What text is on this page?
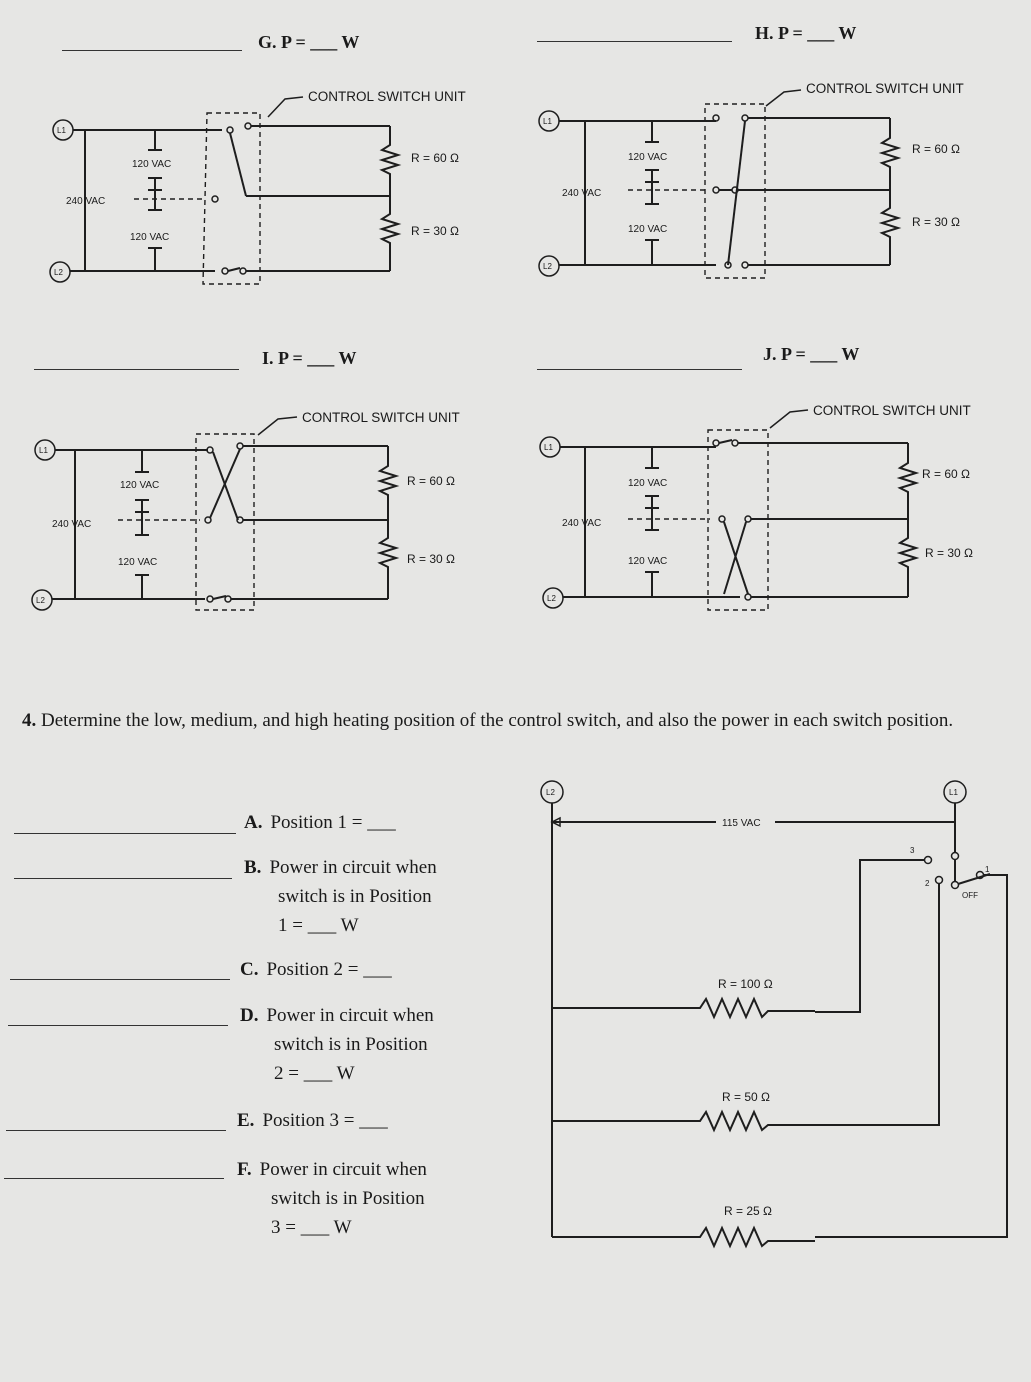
G. P = ___ W
CONTROL SWITCH UNIT
L1
L2
240 VAC
120 VAC
120 VAC
R = 60 Ω
R = 30 Ω
H. P = ___ W
CONTROL SWITCH UNIT
L1
L2
240 VAC
120 VAC
120 VAC
R = 60 Ω
R = 30 Ω
I. P = ___ W
CONTROL SWITCH UNIT
L1
L2
240 VAC
120 VAC
120 VAC
R = 60 Ω
R = 30 Ω
J. P = ___ W
CONTROL SWITCH UNIT
L1
L2
240 VAC
120 VAC
120 VAC
R = 60 Ω
R = 30 Ω
L2	L1
115 VAC
3
2
1
OFF
R = 100 Ω
R = 50 Ω
R = 25 Ω
4. Determine the low, medium, and high heating position of the control switch, and also the power in each switch position.
A. Position 1 = ___
B. Power in circuit when
switch is in Position
1 = ___ W
C. Position 2 = ___
D. Power in circuit when
switch is in Position
2 = ___ W
E. Position 3 = ___
F. Power in circuit when
switch is in Position
3 = ___ W
